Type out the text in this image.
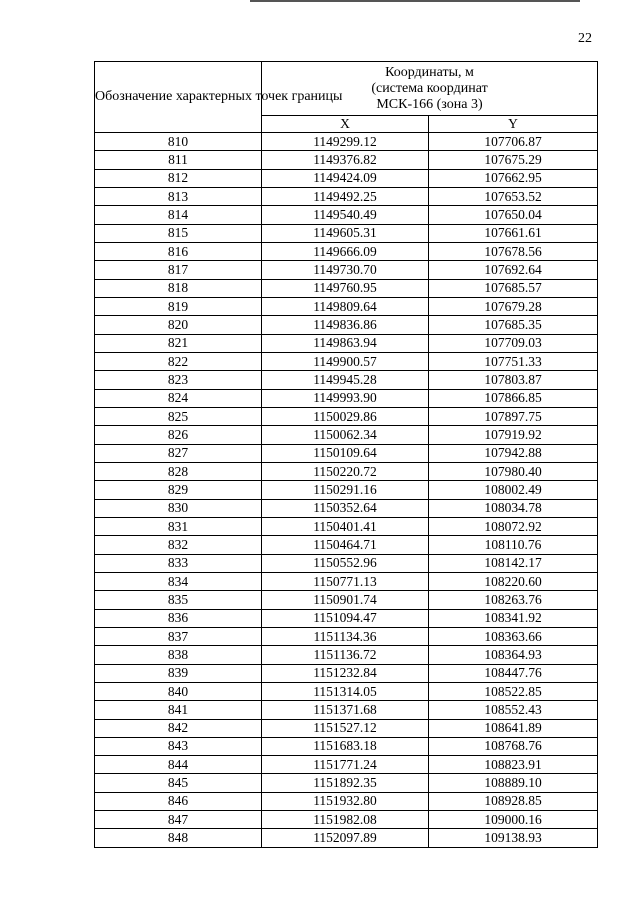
22
Обозначение характерных точек границы	Координаты, м
(система координат
МСК-166 (зона 3)	
	X	Y
810	1149299.12	107706.87
811	1149376.82	107675.29
812	1149424.09	107662.95
813	1149492.25	107653.52
814	1149540.49	107650.04
815	1149605.31	107661.61
816	1149666.09	107678.56
817	1149730.70	107692.64
818	1149760.95	107685.57
819	1149809.64	107679.28
820	1149836.86	107685.35
821	1149863.94	107709.03
822	1149900.57	107751.33
823	1149945.28	107803.87
824	1149993.90	107866.85
825	1150029.86	107897.75
826	1150062.34	107919.92
827	1150109.64	107942.88
828	1150220.72	107980.40
829	1150291.16	108002.49
830	1150352.64	108034.78
831	1150401.41	108072.92
832	1150464.71	108110.76
833	1150552.96	108142.17
834	1150771.13	108220.60
835	1150901.74	108263.76
836	1151094.47	108341.92
837	1151134.36	108363.66
838	1151136.72	108364.93
839	1151232.84	108447.76
840	1151314.05	108522.85
841	1151371.68	108552.43
842	1151527.12	108641.89
843	1151683.18	108768.76
844	1151771.24	108823.91
845	1151892.35	108889.10
846	1151932.80	108928.85
847	1151982.08	109000.16
848	1152097.89	109138.93
